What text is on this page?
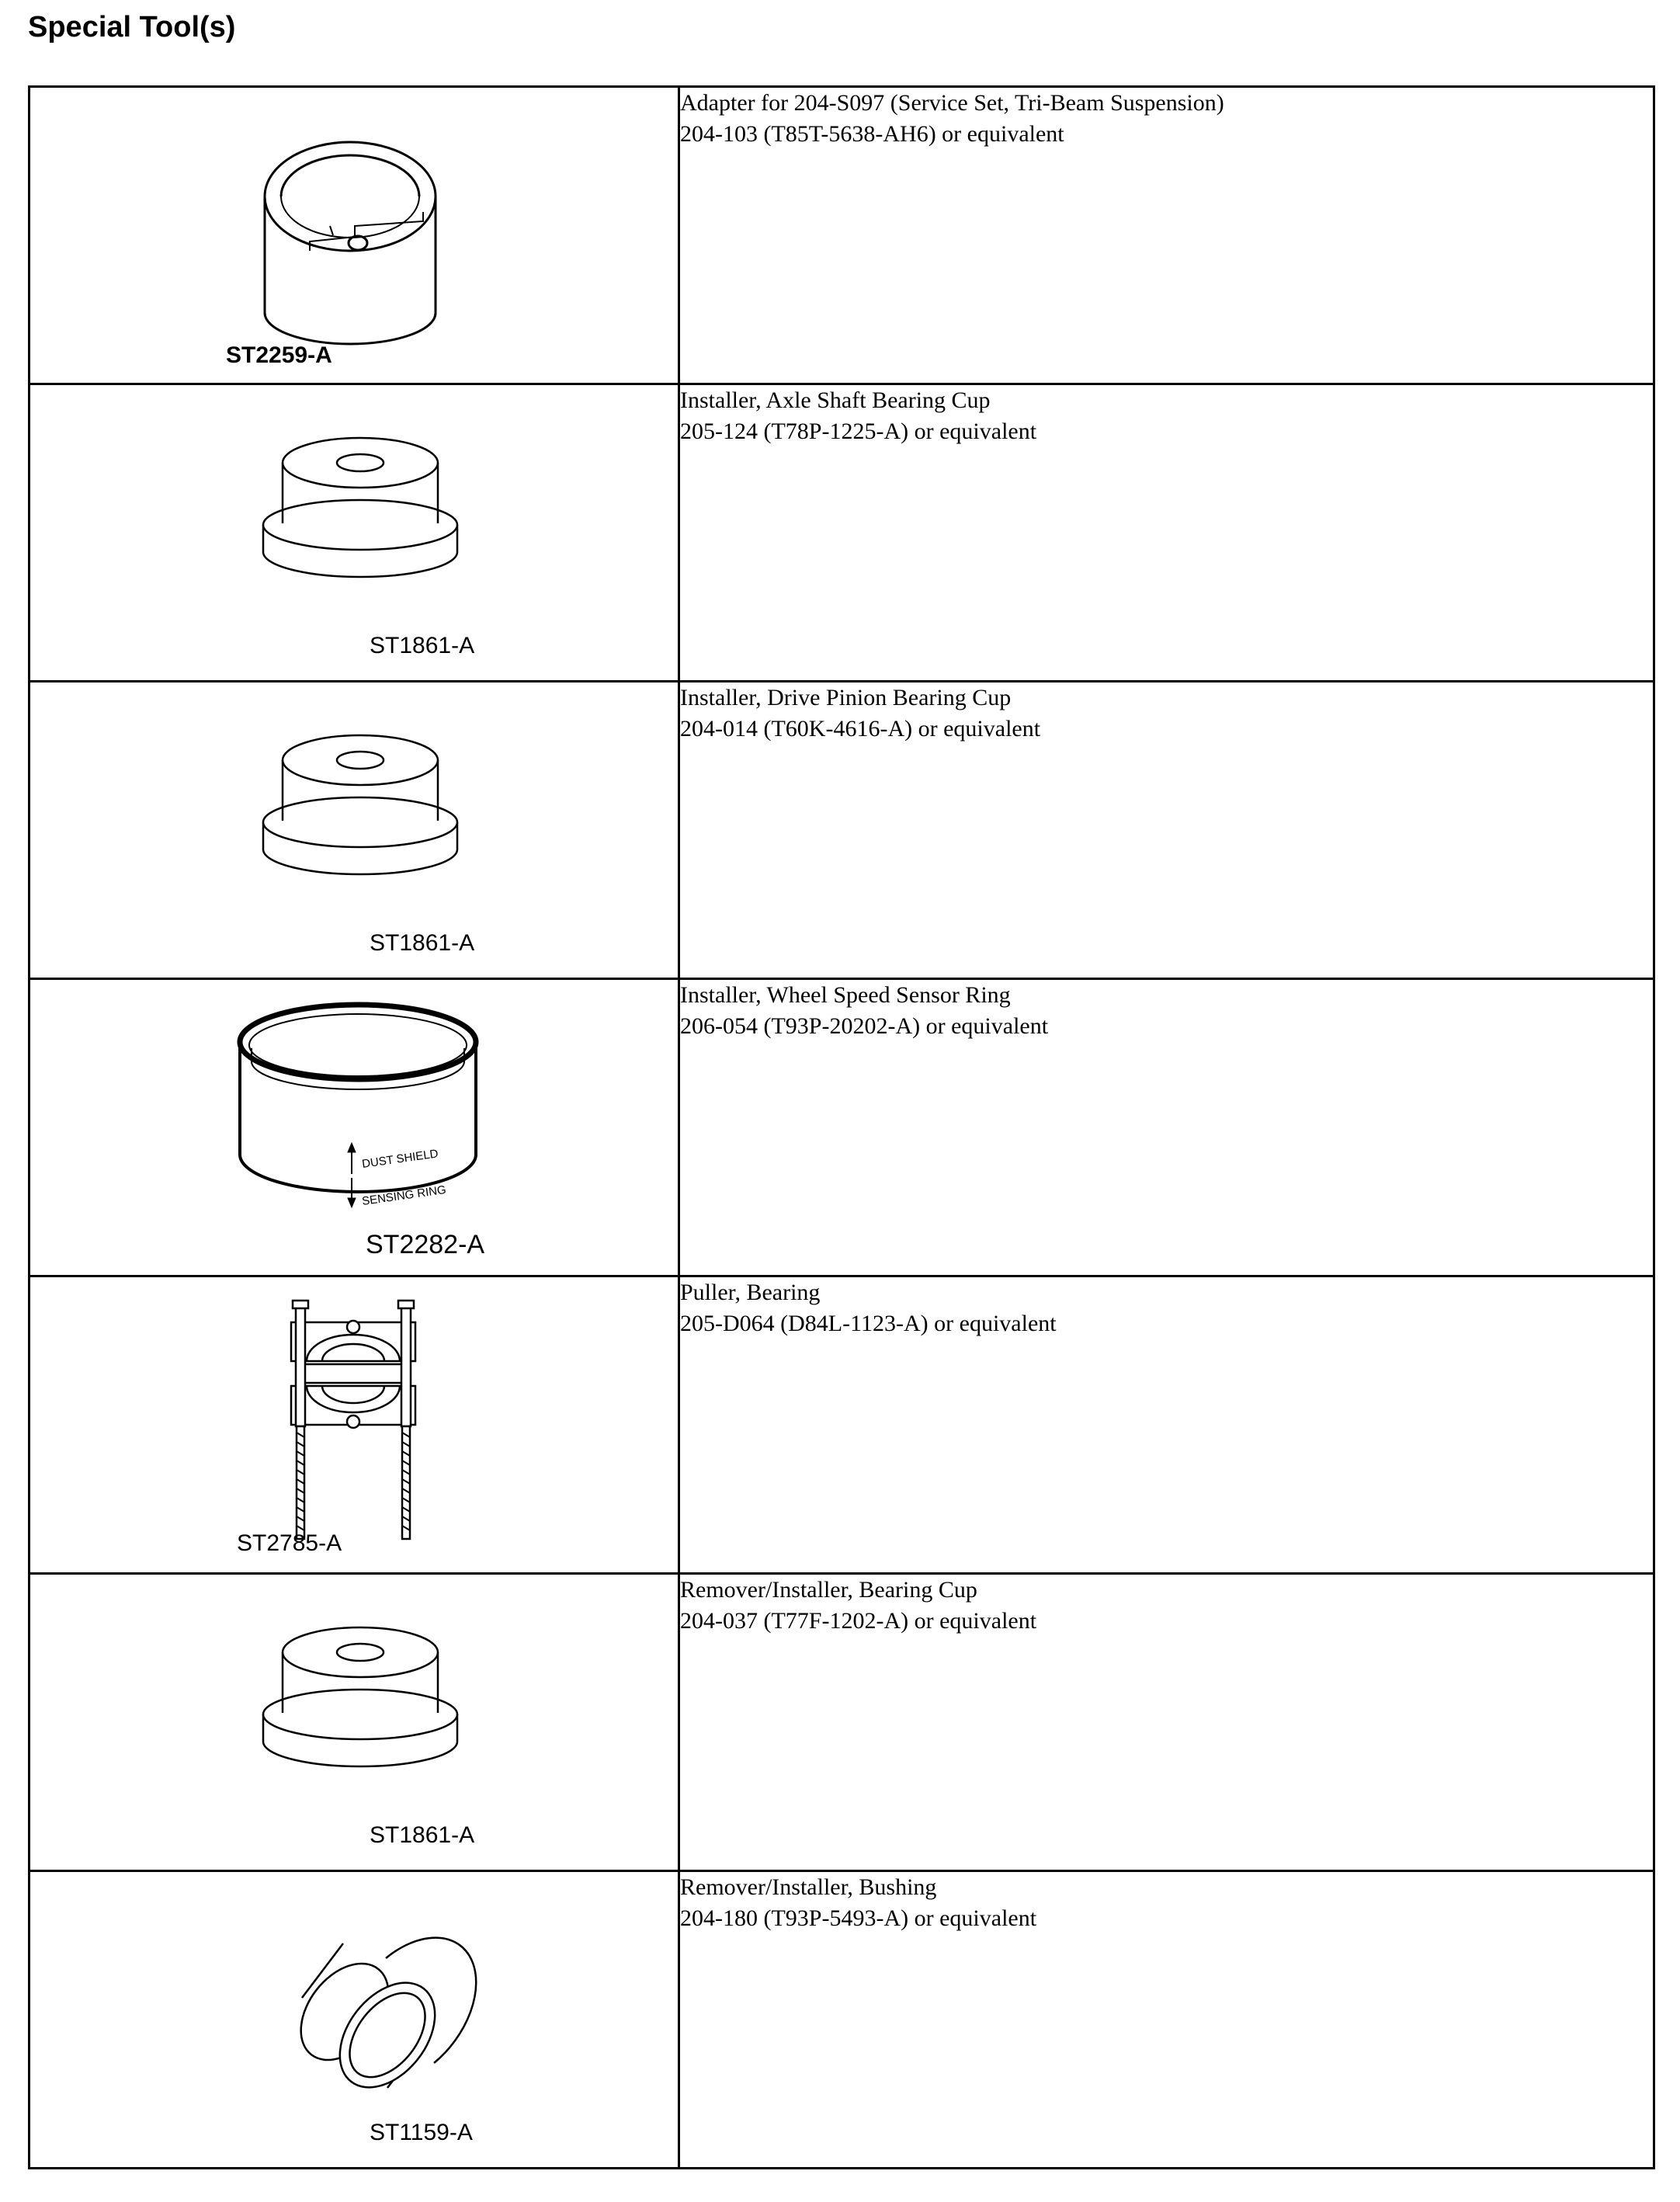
Special Tool(s)
ST2259-A	Adapter for 204-S097 (Service Set, Tri-Beam Suspension)
204-103 (T85T-5638-AH6) or equivalent

ST1861-A	Installer, Axle Shaft Bearing Cup
205-124 (T78P-1225-A) or equivalent

ST1861-A	Installer, Drive Pinion Bearing Cup
204-014 (T60K-4616-A) or equivalent

DUST SHIELD
SENSING RING
ST2282-A	Installer, Wheel Speed Sensor Ring
206-054 (T93P-20202-A) or equivalent

ST2785-A	Puller, Bearing
205-D064 (D84L-1123-A) or equivalent

ST1861-A	Remover/Installer, Bearing Cup
204-037 (T77F-1202-A) or equivalent

ST1159-A	Remover/Installer, Bushing
204-180 (T93P-5493-A) or equivalent
